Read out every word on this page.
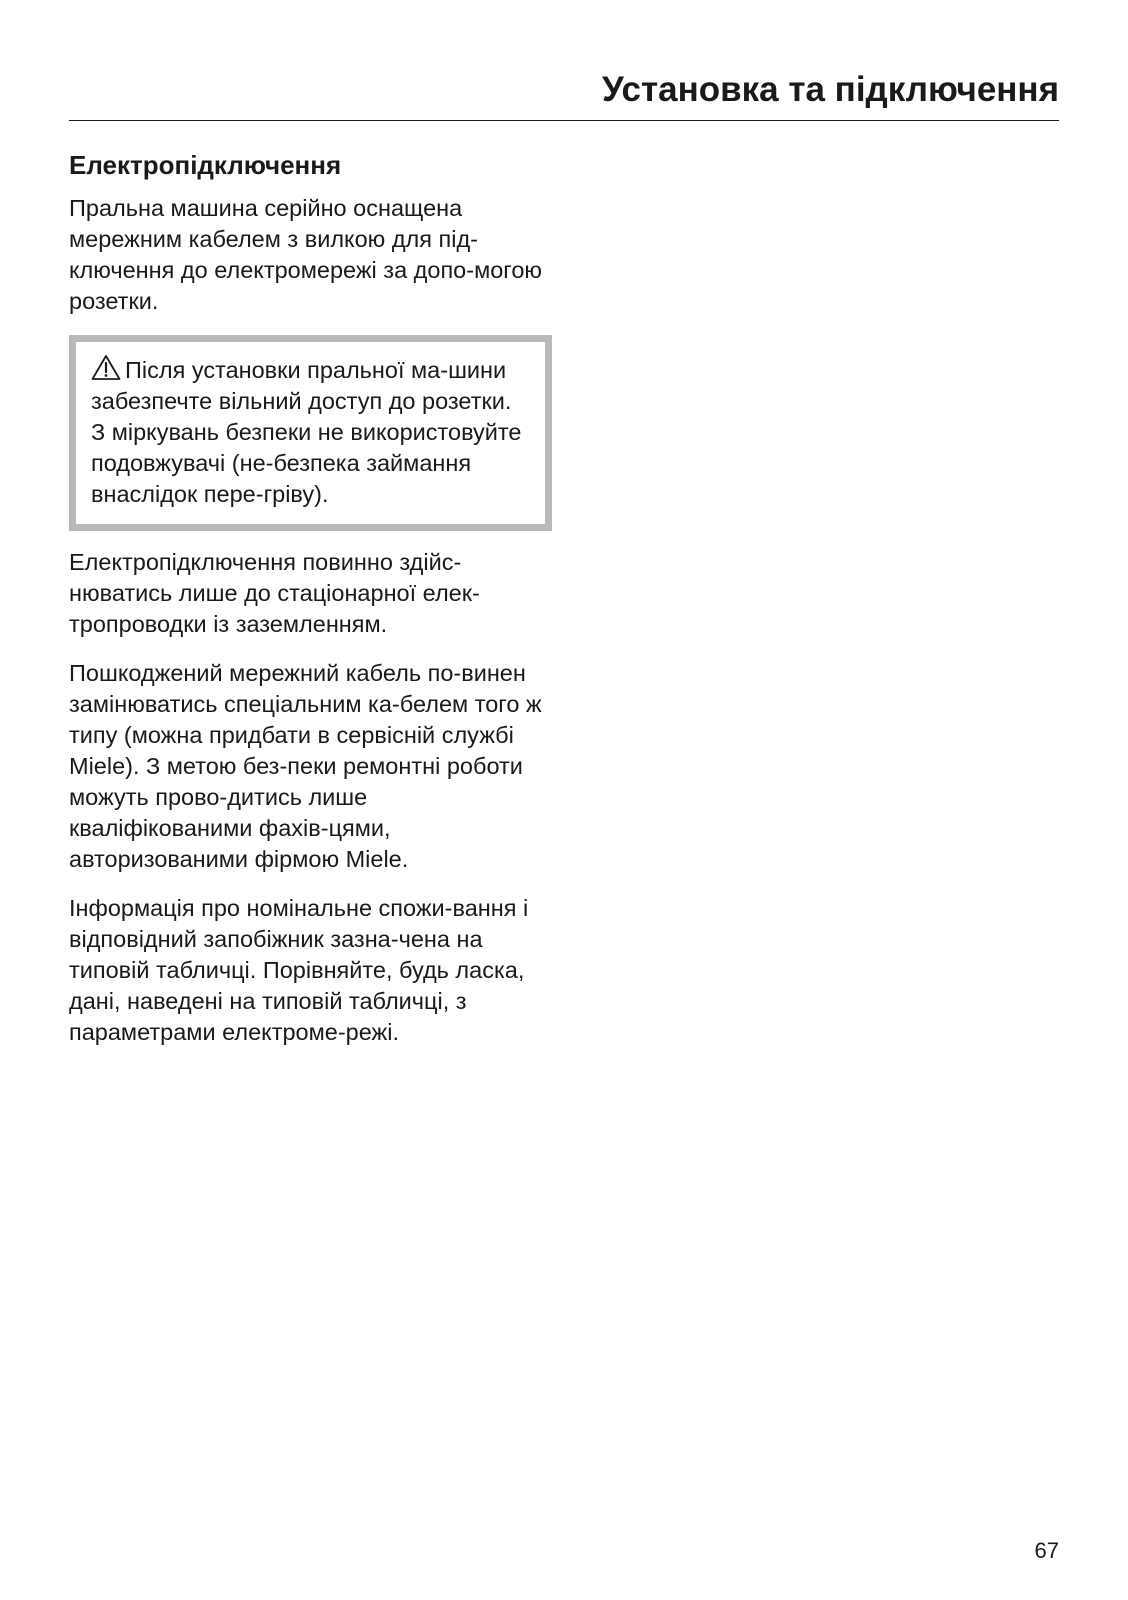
Установка та підключення
Електропідключення

Пральна машина серійно оснащена мережним кабелем з вилкою для під-ключення до електромережі за допо-могою розетки.

Після установки пральної ма-шини забезпечте вільний доступ до розетки. З міркувань безпеки не використовуйте подовжувачі (не-безпека займання внаслідок пере-гріву).

Електропідключення повинно здійс-нюватись лише до стаціонарної елек-тропроводки із заземленням.

Пошкоджений мережний кабель по-винен замінюватись спеціальним ка-белем того ж типу (можна придбати в сервісній службі Miele). З метою без-пеки ремонтні роботи можуть прово-дитись лише кваліфікованими фахів-цями, авторизованими фірмою Miele.

Інформація про номінальне спожи-вання і відповідний запобіжник зазна-чена на типовій табличці. Порівняйте, будь ласка, дані, наведені на типовій табличці, з параметрами електроме-режі.

67
